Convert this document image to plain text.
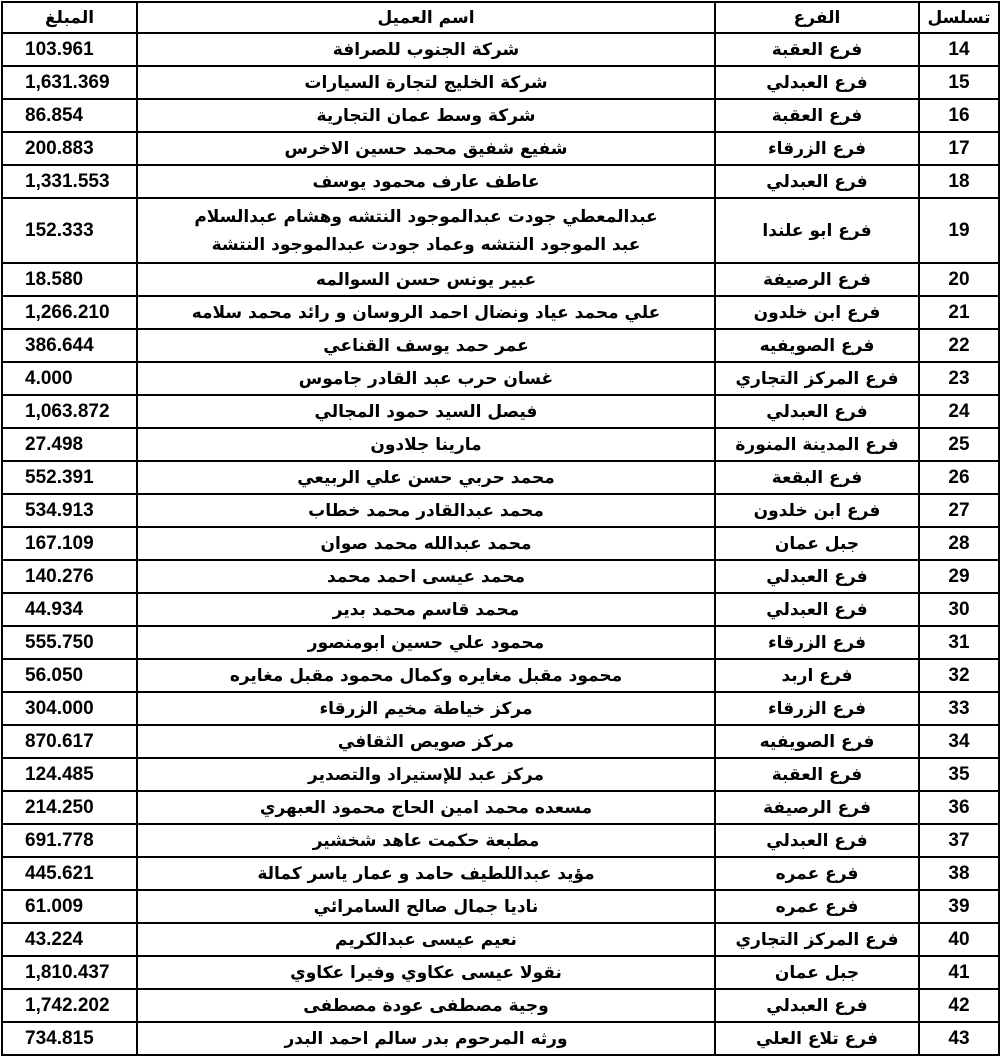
تسلسل	الفرع	اسم العميل	المبلغ
14	فرع العقبة	شركة الجنوب للصرافة	103.961
15	فرع العبدلي	شركة الخليج لتجارة السيارات	1,631.369
16	فرع العقبة	شركة وسط عمان التجارية	86.854
17	فرع الزرقاء	شفيع شفيق محمد حسين الاخرس	200.883
18	فرع العبدلي	عاطف عارف محمود يوسف	1,331.553
19	فرع ابو علندا	عبدالمعطي جودت عبدالموجود النتشه وهشام عبدالسلام
عبد الموجود النتشه وعماد جودت عبدالموجود النتشة	152.333
20	فرع الرصيفة	عبير يونس حسن السوالمه	18.580
21	فرع ابن خلدون	علي محمد عياد ونضال احمد الروسان و رائد محمد سلامه	1,266.210
22	فرع الصويفيه	عمر حمد يوسف القناعي	386.644
23	فرع المركز التجاري	غسان حرب عبد القادر جاموس	4.000
24	فرع العبدلي	فيصل السيد حمود المجالي	1,063.872
25	فرع المدينة المنورة	مارينا جلادون	27.498
26	فرع البقعة	محمد حربي حسن علي الربيعي	552.391
27	فرع ابن خلدون	محمد عبدالقادر محمد خطاب	534.913
28	جبل عمان	محمد عبدالله محمد صوان	167.109
29	فرع العبدلي	محمد عيسى احمد محمد	140.276
30	فرع العبدلي	محمد قاسم محمد بدير	44.934
31	فرع الزرقاء	محمود علي حسين ابومنصور	555.750
32	فرع اربد	محمود مقبل مغايره وكمال محمود مقبل مغايره	56.050
33	فرع الزرقاء	مركز خياطة مخيم الزرقاء	304.000
34	فرع الصويفيه	مركز صويص الثقافي	870.617
35	فرع العقبة	مركز عبد للإستيراد والتصدير	124.485
36	فرع الرصيفة	مسعده محمد امين الحاج محمود العبهري	214.250
37	فرع العبدلي	مطبعة حكمت عاهد شخشير	691.778
38	فرع عمره	مؤيد عبداللطيف حامد و عمار ياسر كمالة	445.621
39	فرع عمره	ناديا جمال صالح السامرائي	61.009
40	فرع المركز التجاري	نعيم عيسى عبدالكريم	43.224
41	جبل عمان	نقولا عيسى عكاوي وفيرا عكاوي	1,810.437
42	فرع العبدلي	وجية مصطفى عودة مصطفى	1,742.202
43	فرع تلاع العلي	ورثه المرحوم بدر سالم احمد البدر	734.815
